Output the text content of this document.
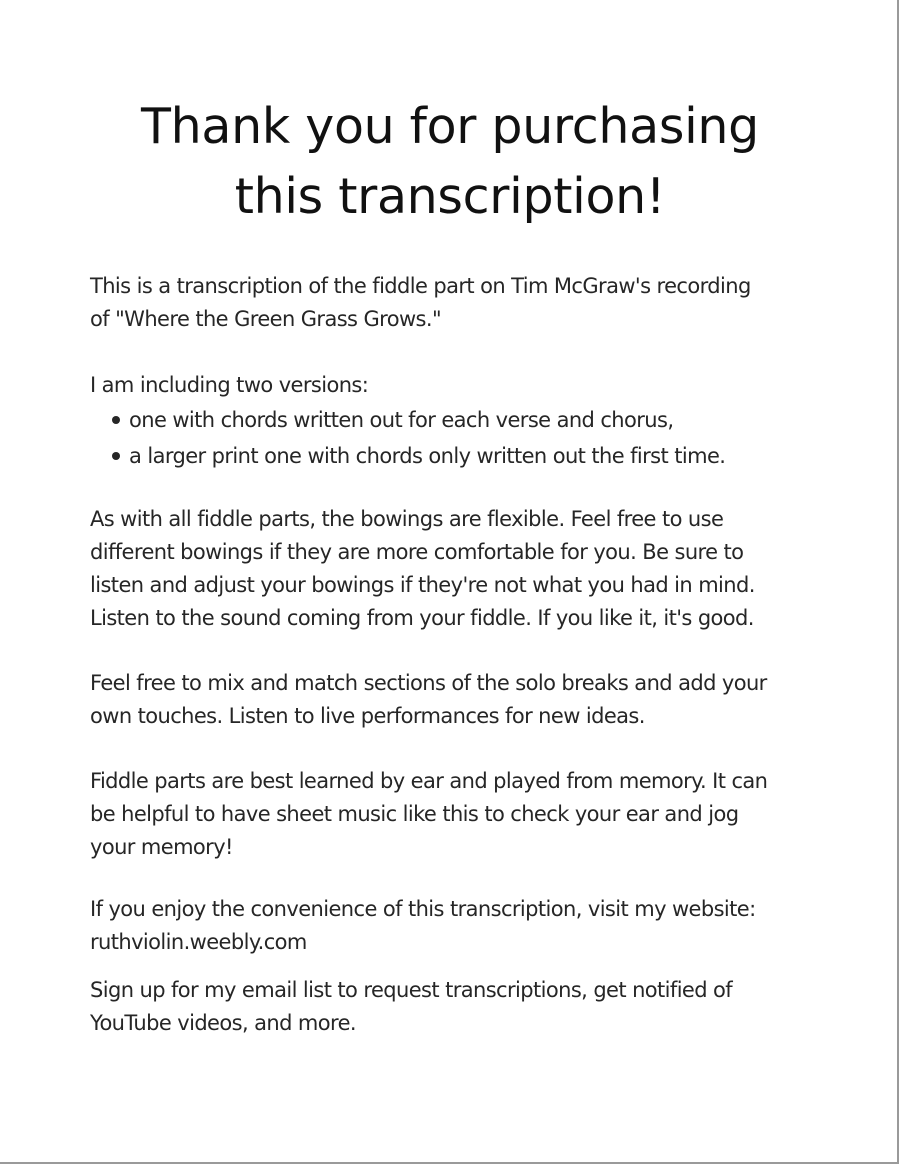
Thank you for purchasing
this transcription!

This is a transcription of the fiddle part on Tim McGraw's recording
of "Where the Green Grass Grows."

I am including two versions:

one with chords written out for each verse and chorus,
a larger print one with chords only written out the first time.

As with all fiddle parts, the bowings are flexible. Feel free to use
different bowings if they are more comfortable for you. Be sure to
listen and adjust your bowings if they're not what you had in mind.
Listen to the sound coming from your fiddle. If you like it, it's good.

Feel free to mix and match sections of the solo breaks and add your
own touches. Listen to live performances for new ideas.

Fiddle parts are best learned by ear and played from memory. It can
be helpful to have sheet music like this to check your ear and jog
your memory!

If you enjoy the convenience of this transcription, visit my website:
ruthviolin.weebly.com

Sign up for my email list to request transcriptions, get notified of
YouTube videos, and more.
